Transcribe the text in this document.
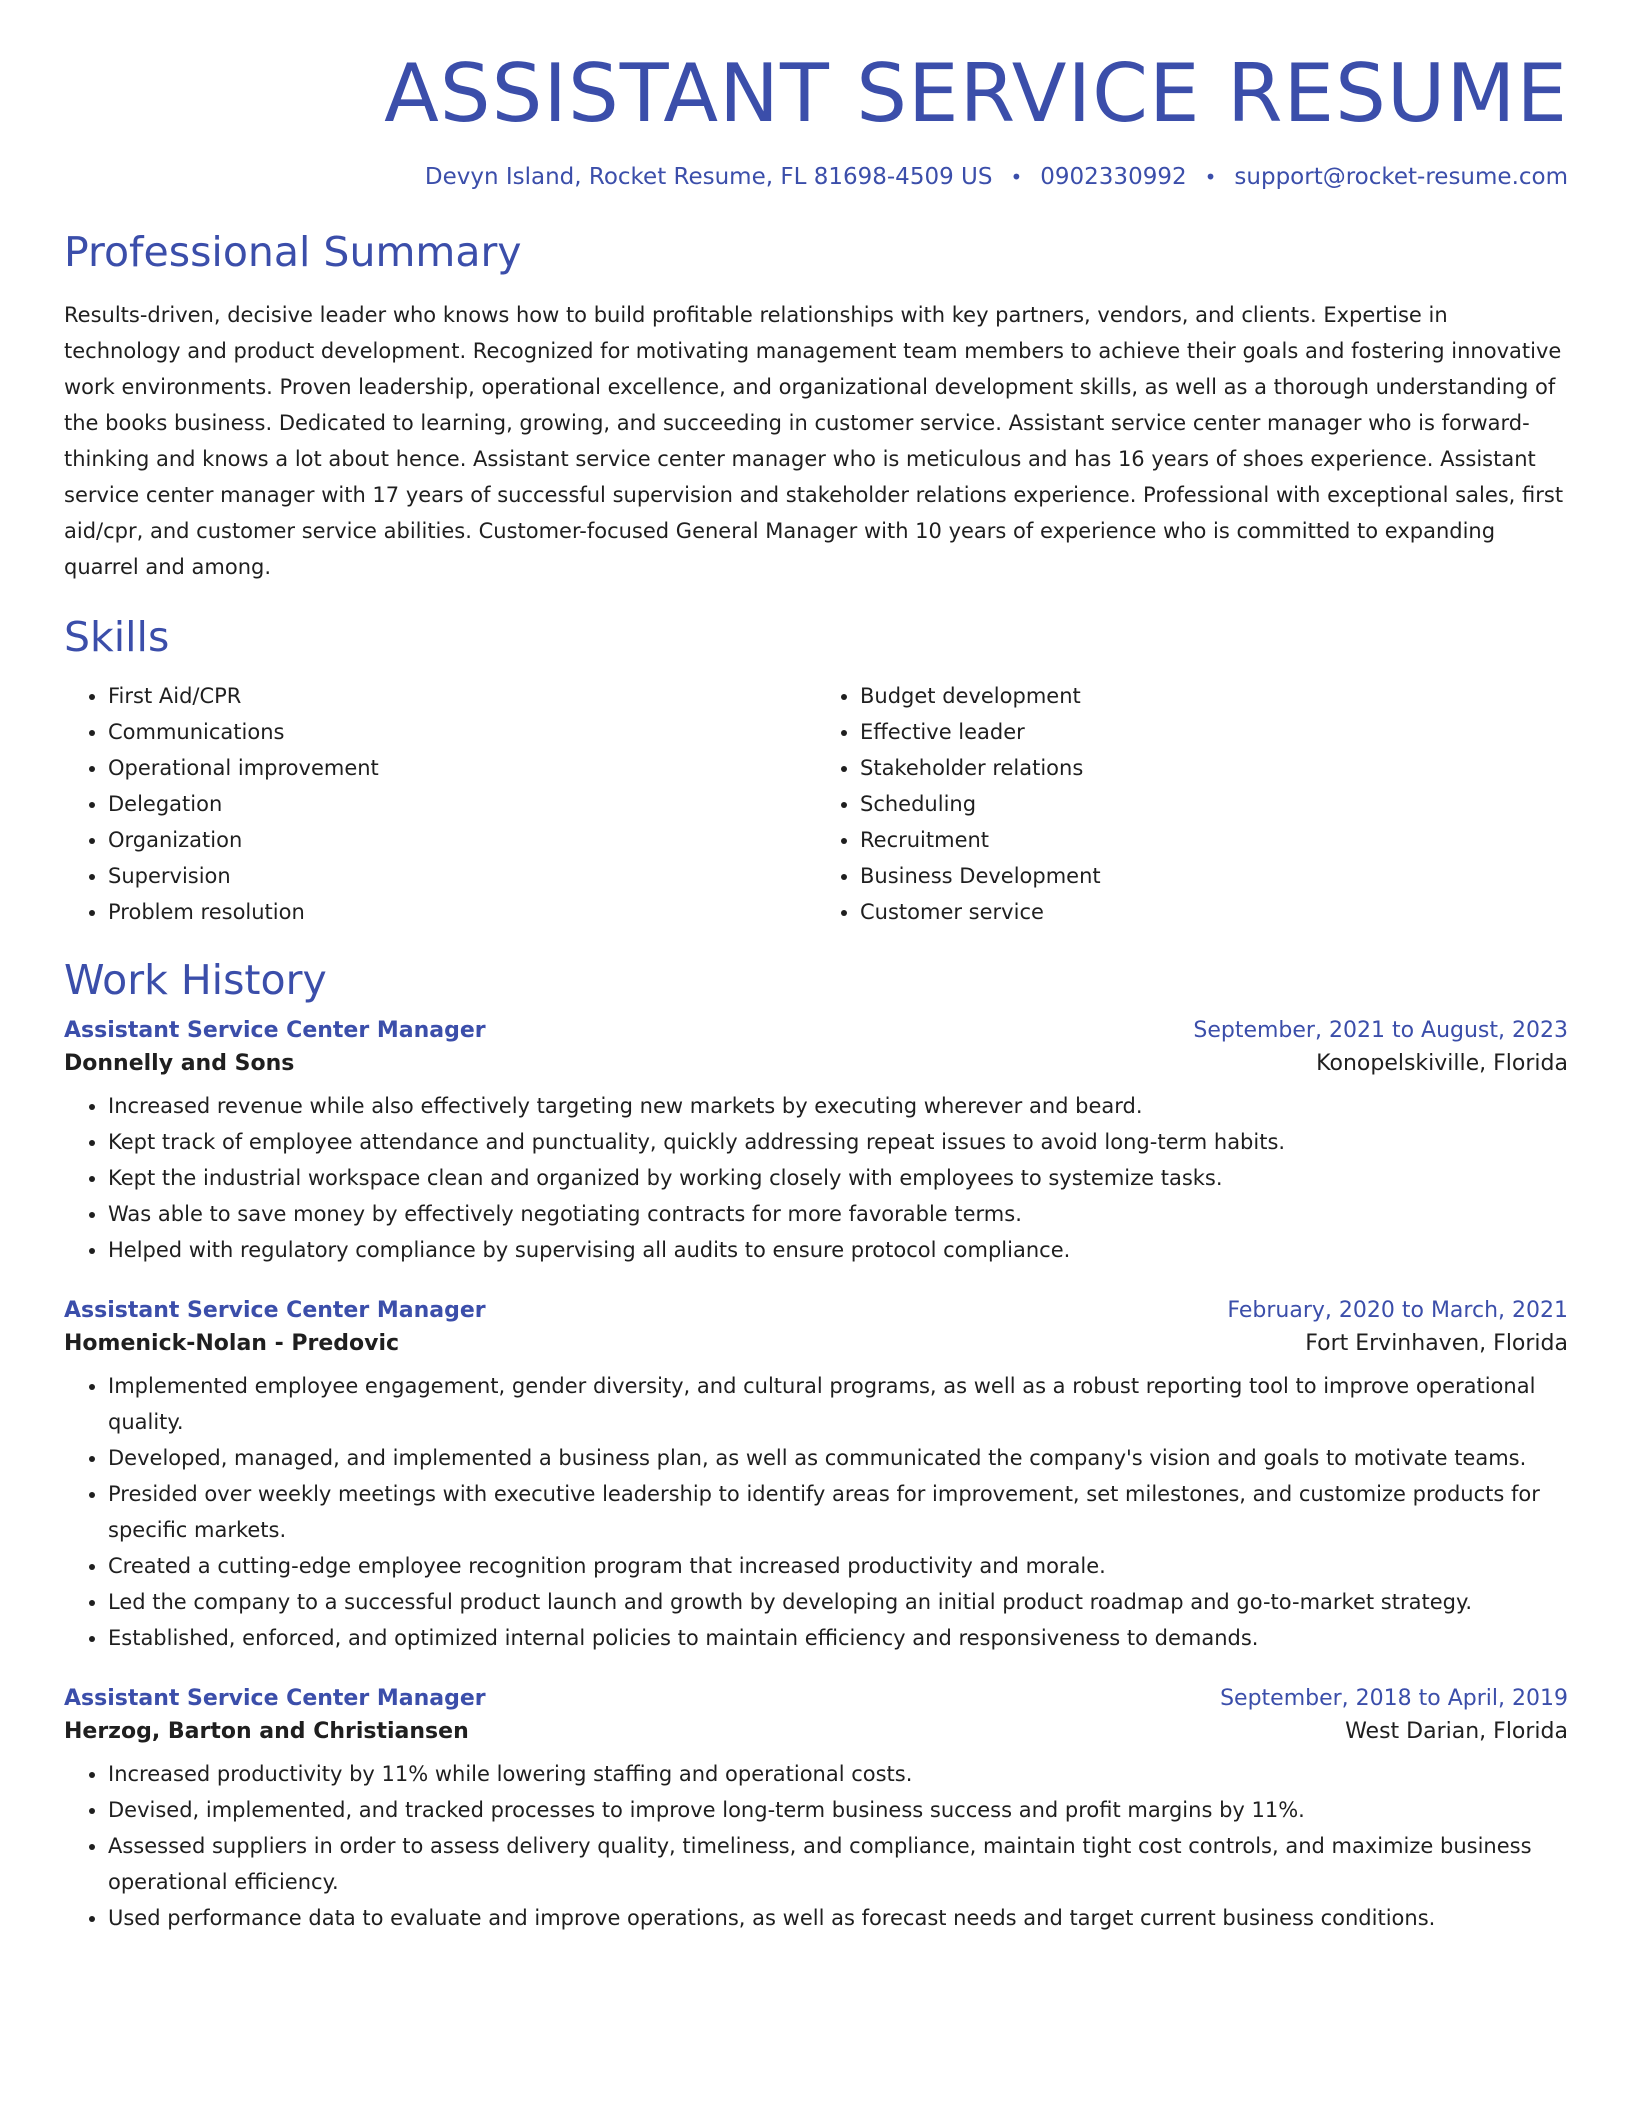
ASSISTANT SERVICE RESUME
Devyn Island, Rocket Resume, FL 81698-4509 US • 0902330992 • support@rocket-resume.com
Professional Summary

Results-driven, decisive leader who knows how to build profitable relationships with key partners, vendors, and clients. Expertise in technology and product development. Recognized for motivating management team members to achieve their goals and fostering innovative work environments. Proven leadership, operational excellence, and organizational development skills, as well as a thorough understanding of the books business. Dedicated to learning, growing, and succeeding in customer service. Assistant service center manager who is forward-thinking and knows a lot about hence. Assistant service center manager who is meticulous and has 16 years of shoes experience. Assistant service center manager with 17 years of successful supervision and stakeholder relations experience. Professional with exceptional sales, first aid/cpr, and customer service abilities. Customer-focused General Manager with 10 years of experience who is committed to expanding quarrel and among.

Skills
• First Aid/CPR
• Communications
• Operational improvement
• Delegation
• Organization
• Supervision
• Problem resolution
• Budget development
• Effective leader
• Stakeholder relations
• Scheduling
• Recruitment
• Business Development
• Customer service
Work History
Assistant Service Center Manager	September, 2021 to August, 2023
Donnelly and Sons	Konopelskiville, Florida
• Increased revenue while also effectively targeting new markets by executing wherever and beard.
• Kept track of employee attendance and punctuality, quickly addressing repeat issues to avoid long-term habits.
• Kept the industrial workspace clean and organized by working closely with employees to systemize tasks.
• Was able to save money by effectively negotiating contracts for more favorable terms.
• Helped with regulatory compliance by supervising all audits to ensure protocol compliance.
Assistant Service Center Manager	February, 2020 to March, 2021
Homenick-Nolan - Predovic	Fort Ervinhaven, Florida
• Implemented employee engagement, gender diversity, and cultural programs, as well as a robust reporting tool to improve operational quality.
• Developed, managed, and implemented a business plan, as well as communicated the company's vision and goals to motivate teams.
• Presided over weekly meetings with executive leadership to identify areas for improvement, set milestones, and customize products for specific markets.
• Created a cutting-edge employee recognition program that increased productivity and morale.
• Led the company to a successful product launch and growth by developing an initial product roadmap and go-to-market strategy.
• Established, enforced, and optimized internal policies to maintain efficiency and responsiveness to demands.
Assistant Service Center Manager	September, 2018 to April, 2019
Herzog, Barton and Christiansen	West Darian, Florida
• Increased productivity by 11% while lowering staffing and operational costs.
• Devised, implemented, and tracked processes to improve long-term business success and profit margins by 11%.
• Assessed suppliers in order to assess delivery quality, timeliness, and compliance, maintain tight cost controls, and maximize business operational efficiency.
• Used performance data to evaluate and improve operations, as well as forecast needs and target current business conditions.
